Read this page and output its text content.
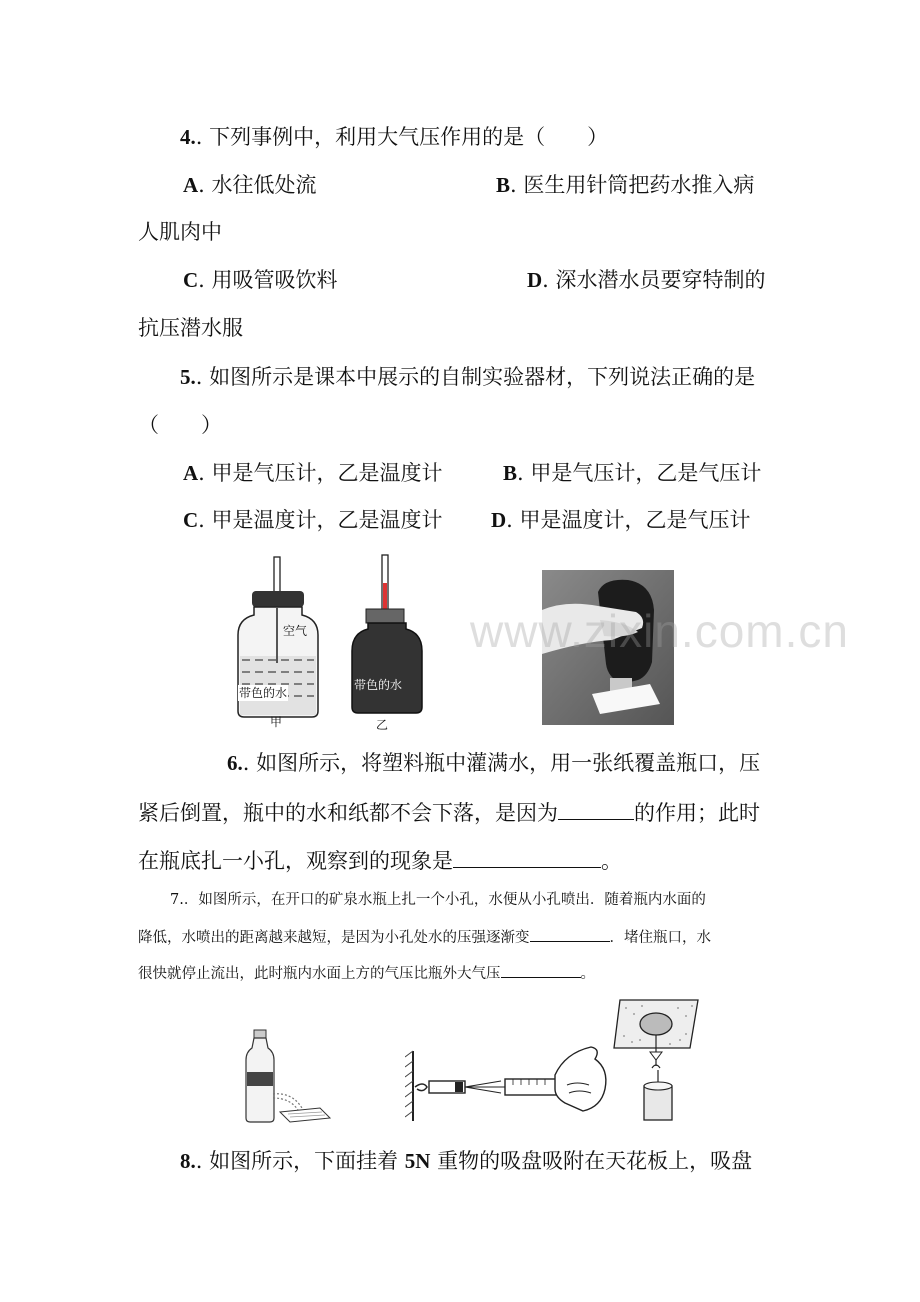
4.. 下列事例中，利用大气压作用的是（　　）
A. 水往低处流	B. 医生用针筒把药水推入病
人肌肉中
C. 用吸管吸饮料	D. 深水潜水员要穿特制的
抗压潜水服
5.. 如图所示是课本中展示的自制实验器材，下列说法正确的是
（　　）
A. 甲是气压计，乙是温度计	B. 甲是气压计，乙是气压计
C. 甲是温度计，乙是温度计 D. 甲是温度计，乙是气压计
空气
带色的水
甲
带色的水
乙
www.zixin.com.cn
6.. 如图所示，将塑料瓶中灌满水，用一张纸覆盖瓶口，压
紧后倒置，瓶中的水和纸都不会下落，是因为	的作用；此时
在瓶底扎一小孔，观察到的现象是	。
7.．如图所示，在开口的矿泉水瓶上扎一个小孔，水便从小孔喷出．随着瓶内水面的
降低，水喷出的距离越来越短，是因为小孔处水的压强逐渐变	．堵住瓶口，水
很快就停止流出，此时瓶内水面上方的气压比瓶外大气压	。
8.. 如图所示，下面挂着 5N 重物的吸盘吸附在天花板上，吸盘
